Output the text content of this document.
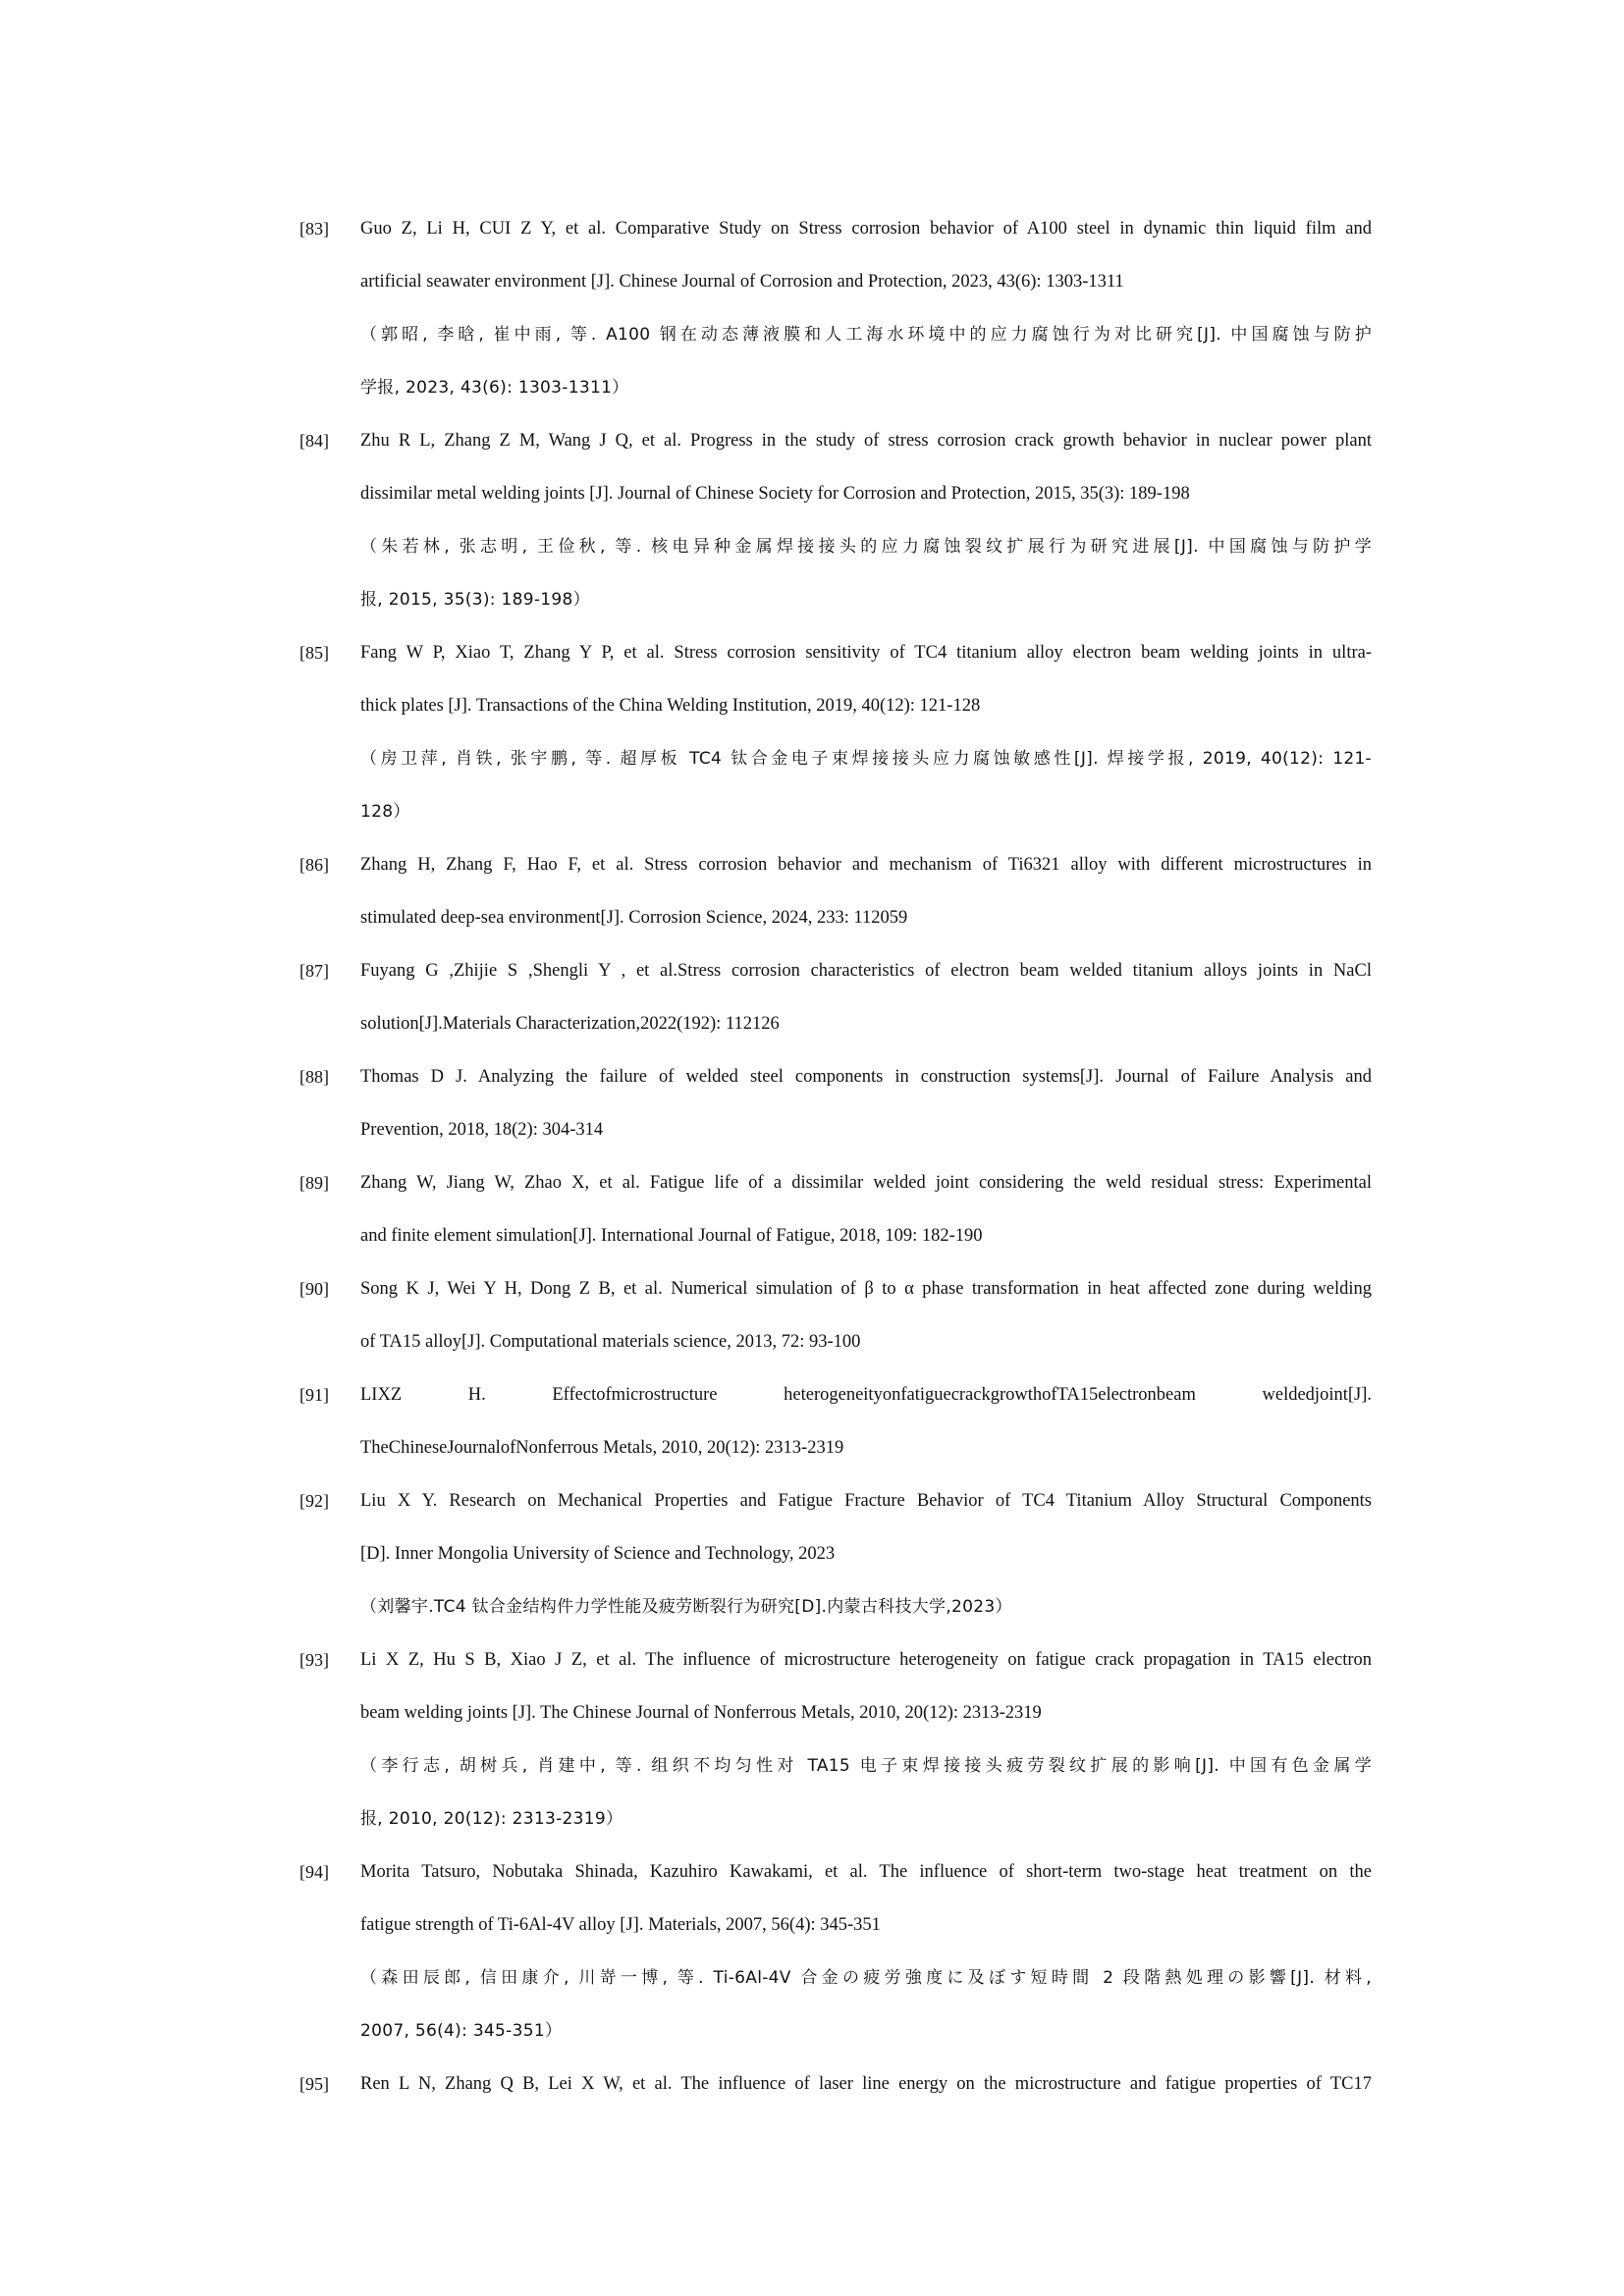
[83] Guo Z, Li H, CUI Z Y, et al. Comparative Study on Stress corrosion behavior of A100 steel in dynamic thin liquid film and
artificial seawater environment [J]. Chinese Journal of Corrosion and Protection, 2023, 43(6): 1303-1311
（郭昭, 李晗, 崔中雨, 等. A100 钢在动态薄液膜和人工海水环境中的应力腐蚀行为对比研究[J]. 中国腐蚀与防护
学报, 2023, 43(6): 1303-1311）
[84] Zhu R L, Zhang Z M, Wang J Q, et al. Progress in the study of stress corrosion crack growth behavior in nuclear power plant
dissimilar metal welding joints [J]. Journal of Chinese Society for Corrosion and Protection, 2015, 35(3): 189-198
（朱若林, 张志明, 王俭秋, 等. 核电异种金属焊接接头的应力腐蚀裂纹扩展行为研究进展[J]. 中国腐蚀与防护学
报, 2015, 35(3): 189-198）
[85] Fang W P, Xiao T, Zhang Y P, et al. Stress corrosion sensitivity of TC4 titanium alloy electron beam welding joints in ultra-
thick plates [J]. Transactions of the China Welding Institution, 2019, 40(12): 121-128
（房卫萍, 肖铁, 张宇鹏, 等. 超厚板 TC4 钛合金电子束焊接接头应力腐蚀敏感性[J]. 焊接学报, 2019, 40(12): 121-
128）
[86] Zhang H, Zhang F, Hao F, et al. Stress corrosion behavior and mechanism of Ti6321 alloy with different microstructures in
stimulated deep-sea environment[J]. Corrosion Science, 2024, 233: 112059
[87] Fuyang G ,Zhijie S ,Shengli Y , et al.Stress corrosion characteristics of electron beam welded titanium alloys joints in NaCl
solution[J].Materials Characterization,2022(192): 112126
[88] Thomas D J. Analyzing the failure of welded steel components in construction systems[J]. Journal of Failure Analysis and
Prevention, 2018, 18(2): 304-314
[89] Zhang W, Jiang W, Zhao X, et al. Fatigue life of a dissimilar welded joint considering the weld residual stress: Experimental
and finite element simulation[J]. International Journal of Fatigue, 2018, 109: 182-190
[90] Song K J, Wei Y H, Dong Z B, et al. Numerical simulation of β to α phase transformation in heat affected zone during welding
of TA15 alloy[J]. Computational materials science, 2013, 72: 93-100
[91] LIXZ H. Effectofmicrostructure heterogeneityonfatiguecrackgrowthofTA15electronbeam weldedjoint[J].
TheChineseJournalofNonferrous Metals, 2010, 20(12): 2313-2319
[92] Liu X Y. Research on Mechanical Properties and Fatigue Fracture Behavior of TC4 Titanium Alloy Structural Components
[D]. Inner Mongolia University of Science and Technology, 2023
（刘馨宇.TC4 钛合金结构件力学性能及疲劳断裂行为研究[D].内蒙古科技大学,2023）
[93] Li X Z, Hu S B, Xiao J Z, et al. The influence of microstructure heterogeneity on fatigue crack propagation in TA15 electron
beam welding joints [J]. The Chinese Journal of Nonferrous Metals, 2010, 20(12): 2313-2319
（李行志, 胡树兵, 肖建中, 等. 组织不均匀性对 TA15 电子束焊接接头疲劳裂纹扩展的影响[J]. 中国有色金属学
报, 2010, 20(12): 2313-2319）
[94] Morita Tatsuro, Nobutaka Shinada, Kazuhiro Kawakami, et al. The influence of short-term two-stage heat treatment on the
fatigue strength of Ti-6Al-4V alloy [J]. Materials, 2007, 56(4): 345-351
（森田辰郎, 信田康介, 川嵜一博, 等. Ti-6Al-4V 合金の疲労強度に及ぼす短時間 2 段階熱処理の影響[J]. 材料,
2007, 56(4): 345-351）
[95] Ren L N, Zhang Q B, Lei X W, et al. The influence of laser line energy on the microstructure and fatigue properties of TC17
